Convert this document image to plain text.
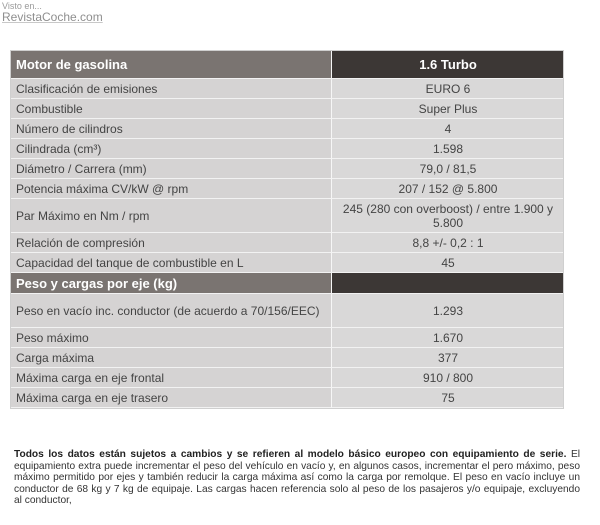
Visto en...
RevistaCoche.com
Motor de gasolina	1.6 Turbo
Clasificación de emisiones	EURO 6
Combustible	Super Plus
Número de cilindros	4
Cilindrada (cm³)	1.598
Diámetro / Carrera (mm)	79,0 / 81,5
Potencia máxima CV/kW @ rpm	207 / 152 @ 5.800
Par Máximo en Nm / rpm	245 (280 con overboost) / entre 1.900 y 5.800
Relación de compresión	8,8 +/- 0,2 : 1
Capacidad del tanque de combustible en L	45
Peso y cargas por eje (kg)	
Peso en vacío inc. conductor (de acuerdo a 70/156/EEC)	1.293
Peso máximo	1.670
Carga máxima	377
Máxima carga en eje frontal	910 / 800
Máxima carga en eje trasero	75
Todos los datos están sujetos a cambios y se refieren al modelo básico europeo con equipamiento de serie. El equipamiento extra puede incrementar el peso del vehículo en vacío y, en algunos casos, incrementar el pero máximo, peso máximo permitido por ejes y también reducir la carga máxima así como la carga por remolque. El peso en vacío incluye un conductor de 68 kg y 7 kg de equipaje. Las cargas hacen referencia solo al peso de los pasajeros y/o equipaje, excluyendo al conductor,
